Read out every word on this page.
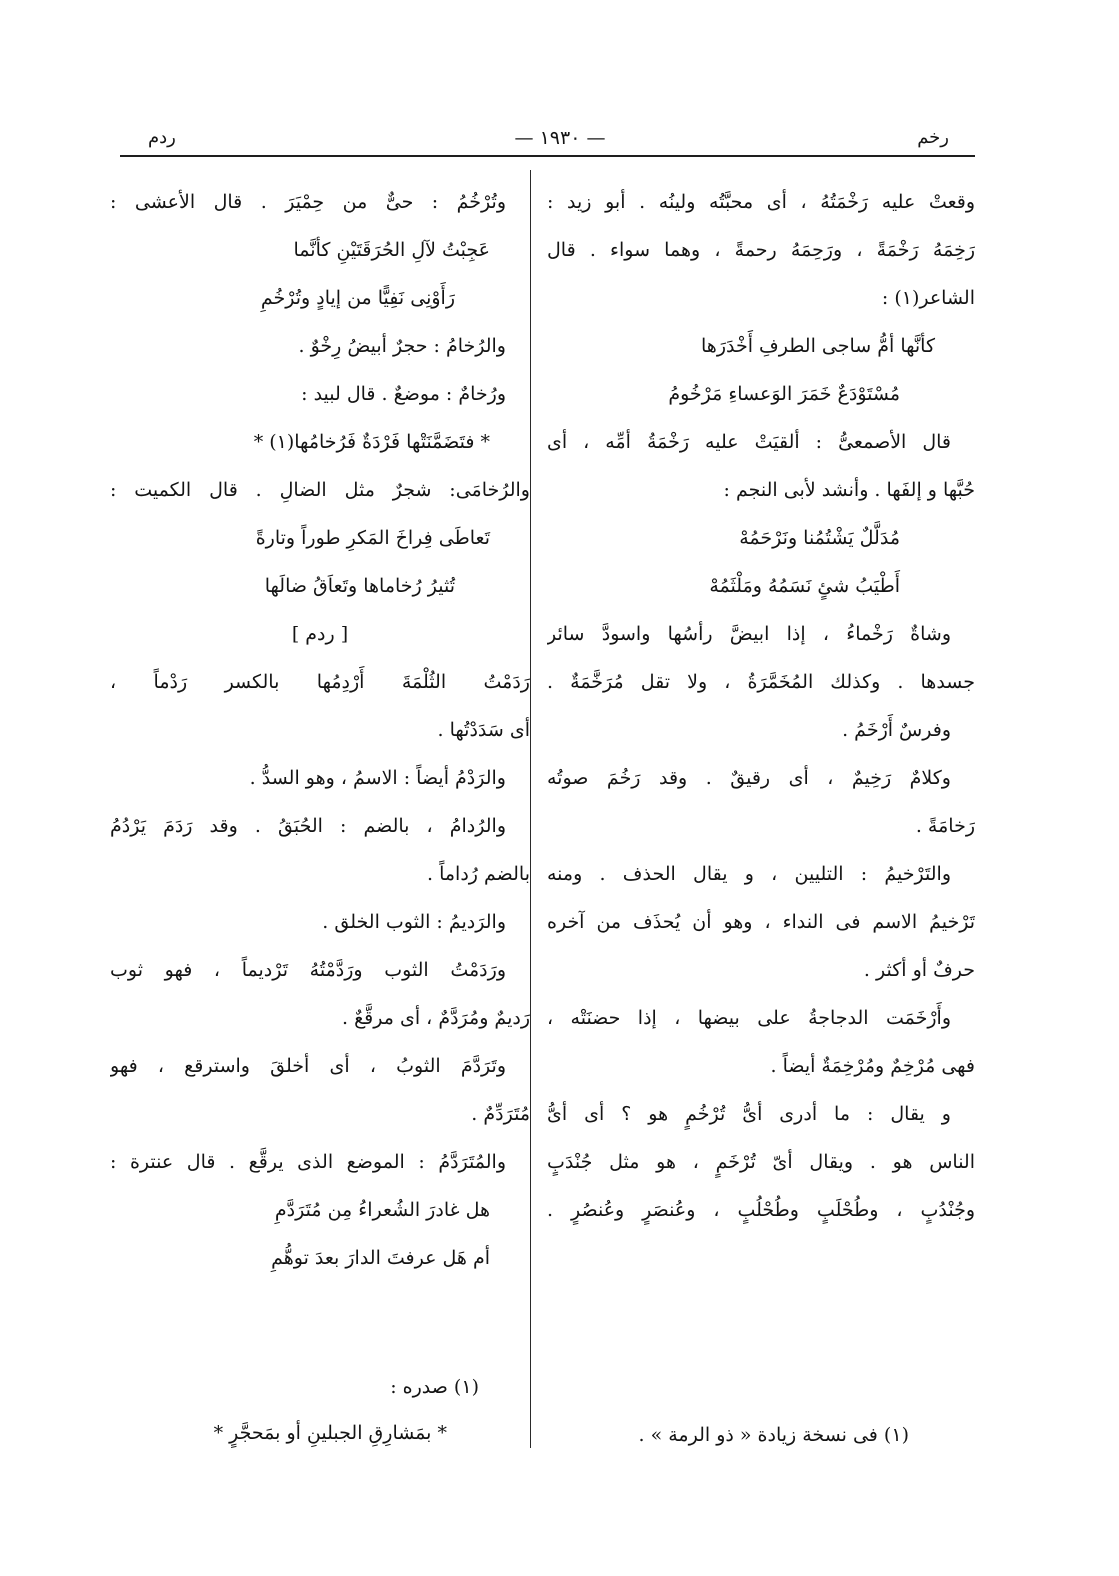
رخم
— ١٩٣٠ —
ردم
وقعتْ عليه رَخْمَتُهُ ، أى محبَّتُه ولينُه . أبو زيد :
رَخِمَهُ رَخْمَةً ، ورَحِمَهُ رحمةً ، وهما سواء . قال
الشاعر(١) :
كأنَّها أمُّ ساجى الطرفِ أَخْدَرَها
مُسْتَوْدَعٌ خَمَرَ الوَعساءِ مَرْخُومُ
قال الأصمعىُّ : ألقيَتْ عليه رَخْمَةُ أمِّه ، أى
حُبَّها و إلفَها . وأنشد لأبى النجم :
مُدَلَّلٌ يَشْتُمُنا ونَرْحَمُهْ
أَطْيَبُ شئٍ نَسَمُهُ ومَلْثَمُهْ
وشاةٌ رَخْماءُ ، إذا ابيضَّ رأسُها واسودَّ سائر
جسدها . وكذلك المُخَمَّرَةُ ، ولا تقل مُرَخَّمَةٌ .
وفرسٌ أَرْخَمُ .
وكلامٌ رَخِيمٌ ، أى رقيقٌ . وقد رَخُمَ صوتُه
رَخامَةً .
والتَرْخيمُ : التليين ، و يقال الحذف . ومنه
تَرْخيمُ الاسم فى النداء ، وهو أن يُحذَف من آخره
حرفٌ أو أكثر .
وأَرْخَمَت الدجاجةُ على بيضها ، إذا حضنَتْه ،
فهى مُرْخِمٌ ومُرْخِمَةٌ أيضاً .
و يقال : ما أدرى أىُّ تُرْخُمٍ هو ؟ أى أىُّ
الناس هو . ويقال أىّ تُرْخَمٍ ، هو مثل جُنْدَبٍ
وجُنْدُبٍ ، وطُحْلَبٍ وطُحْلُبٍ ، وعُنصَرٍ وعُنصُرٍ .
(١) فى نسخة زيادة « ذو الرمة » .
وتُرْخُمُ : حىٌّ من حِمْيَرَ . قال الأعشى :
عَجِبْتُ لآلِ الحُرَقَتَيْنِ كأنَّما
رَأَوْنِى نَفِيًّا من إيادٍ وتُرْخُمِ
والرُخامُ : حجرٌ أبيضُ رِخْوٌ .
ورُخامٌ : موضعٌ . قال لبيد :
* فتَضَمَّنَتْها فَرْدَةٌ فَرُخامُها(١) *
والرُخامَى: شجرٌ مثل الضالِ . قال الكميت :
تَعاطَى فِراخَ المَكرِ طوراً وتارةً
تُثيرُ رُخاماها وتَعاَقُ ضالَها
[ ردم ]
رَدَمْتُ الثُلْمَةَ أَرْدِمُها بالكسر رَدْماً ،
أى سَدَدْتُها .
والرَدْمُ أيضاً : الاسمُ ، وهو السدُّ .
والرُدامُ ، بالضم : الحُبَقُ . وقد رَدَمَ يَرْدُمُ
بالضم رُداماً .
والرَديمُ : الثوب الخلق .
ورَدَمْتُ الثوب ورَدَّمْتُهُ تَرْديماً ، فهو ثوب
رَديمٌ ومُرَدَّمٌ ، أى مرقَّعٌ .
وتَرَدَّمَ الثوبُ ، أى أخلقَ واسترقع ، فهو
مُتَرَدِّمٌ .
والمُتَرَدَّمُ : الموضع الذى يرقَّع . قال عنترة :
هل غادرَ الشُعراءُ مِن مُتَرَدَّمِ
أم هَل عرفتَ الدارَ بعدَ توهُّمِ
(١) صدره :
* بمَشارِقِ الجبلينِ أو بمَحجَّرٍ *
